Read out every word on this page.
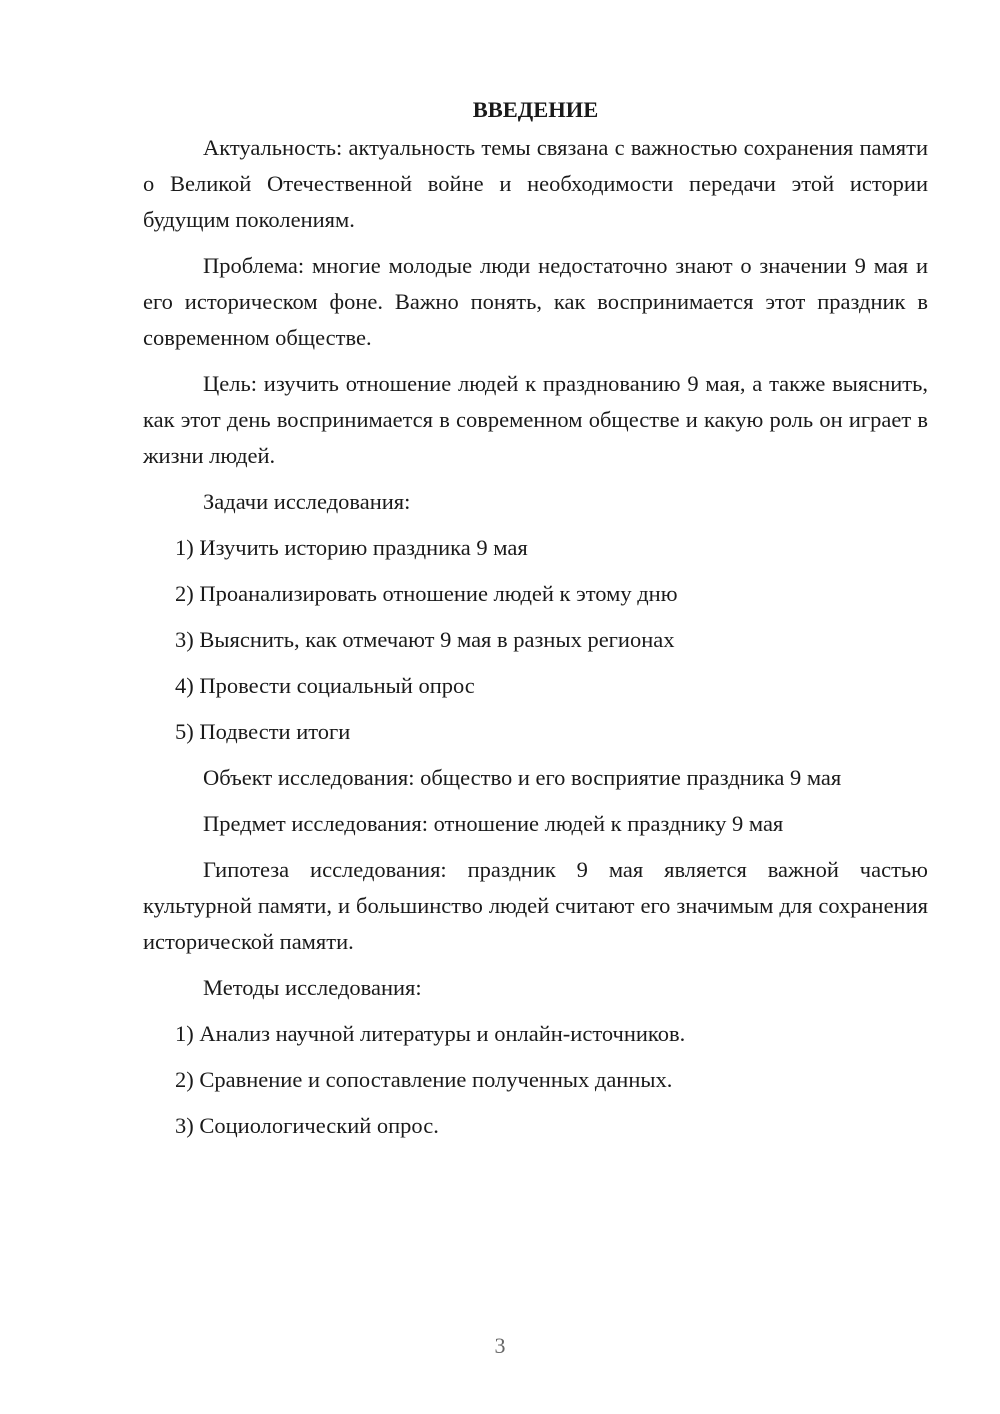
ВВЕДЕНИЕ

Актуальность: актуальность темы связана с важностью сохранения памяти о Великой Отечественной войне и необходимости передачи этой истории будущим поколениям.

Проблема: многие молодые люди недостаточно знают о значении 9 мая и его историческом фоне. Важно понять, как воспринимается этот праздник в современном обществе.

Цель: изучить отношение людей к празднованию 9 мая, а также выяснить, как этот день воспринимается в современном обществе и какую роль он играет в жизни людей.

Задачи исследования:
1) Изучить историю праздника 9 мая
2) Проанализировать отношение людей к этому дню
3) Выяснить, как отмечают 9 мая в разных регионах
4) Провести социальный опрос
5) Подвести итоги
Объект исследования: общество и его восприятие праздника 9 мая
Предмет исследования: отношение людей к празднику 9 мая

Гипотеза исследования: праздник 9 мая является важной частью культурной памяти, и большинство людей считают его значимым для сохранения исторической памяти.

Методы исследования:
1) Анализ научной литературы и онлайн-источников.
2) Сравнение и сопоставление полученных данных.
3) Социологический опрос.
3
